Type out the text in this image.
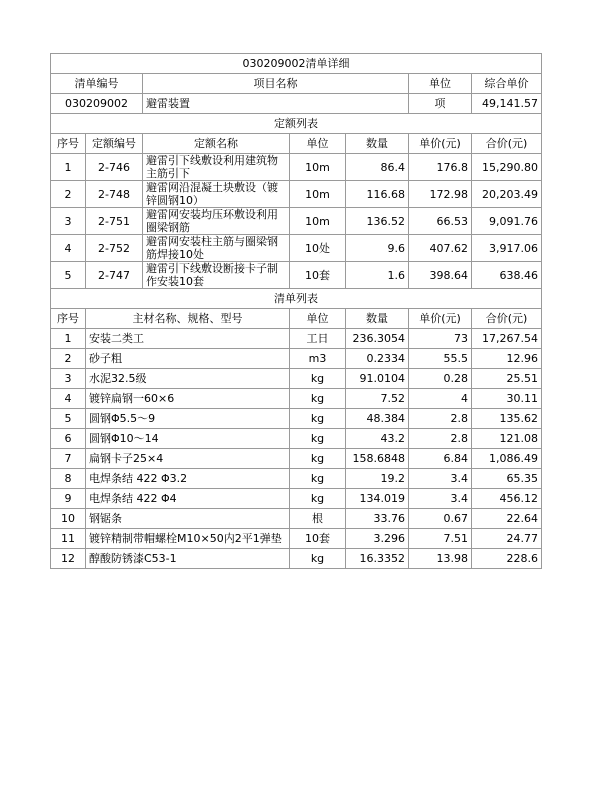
030209002清单详细						
清单编号		项目名称			单位	综合单价
030209002		避雷装置			项	49,141.57
定额列表						
序号	定额编号	定额名称	单位	数量	单价(元)	合价(元)
1	2-746	避雷引下线敷设利用建筑物主筋引下	10m	86.4	176.8	15,290.80
2	2-748	避雷网沿混凝土块敷设（镀锌圆钢10）	10m	116.68	172.98	20,203.49
3	2-751	避雷网安装均压环敷设利用圈梁钢筋	10m	136.52	66.53	9,091.76
4	2-752	避雷网安装柱主筋与圈梁钢筋焊接10处	10处	9.6	407.62	3,917.06
5	2-747	避雷引下线敷设断接卡子制作安装10套	10套	1.6	398.64	638.46
清单列表						
序号	主材名称、规格、型号		单位	数量	单价(元)	合价(元)
1	安装二类工		工日	236.3054	73	17,267.54
2	砂子粗		m3	0.2334	55.5	12.96
3	水泥32.5级		kg	91.0104	0.28	25.51
4	镀锌扁钢一60×6		kg	7.52	4	30.11
5	圆钢Φ5.5～9		kg	48.384	2.8	135.62
6	圆钢Φ10～14		kg	43.2	2.8	121.08
7	扁钢卡子25×4		kg	158.6848	6.84	1,086.49
8	电焊条结 422 Φ3.2		kg	19.2	3.4	65.35
9	电焊条结 422 Φ4		kg	134.019	3.4	456.12
10	钢锯条		根	33.76	0.67	22.64
11	镀锌精制带帽螺栓M10×50内2平1弹垫		10套	3.296	7.51	24.77
12	醇酸防锈漆C53-1		kg	16.3352	13.98	228.6
